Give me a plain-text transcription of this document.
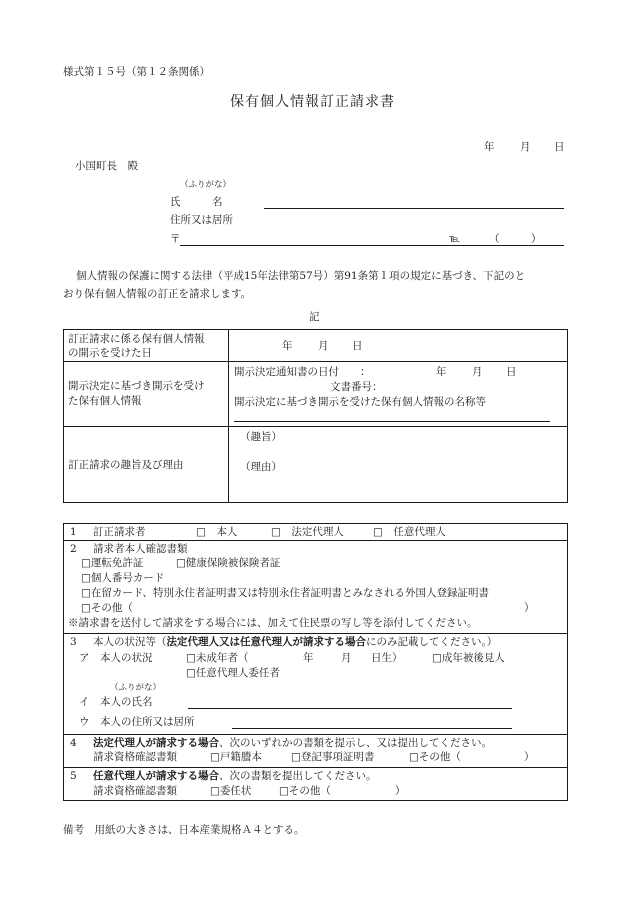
様式第１５号（第１２条関係）
保有個人情報訂正請求書
年 月 日
小国町長　殿
（ふりがな）
氏　　　名
住所又は居所
〒	℡	（	）
個人情報の保護に関する法律（平成15年法律第57号）第91条第１項の規定に基づき、下記のと
おり保有個人情報の訂正を請求します。
記
訂正請求に係る保有個人情報
の開示を受けた日
年 月 日
開示決定に基づき開示を受け
た保有個人情報
開示決定通知書の日付　　：	年 月 日
文書番号：
開示決定に基づき開示を受けた保有個人情報の名称等
訂正請求の趣旨及び理由
（趣旨）
（理由）
1 訂正請求者	□　本人	□　法定代理人	□　任意代理人
2 請求者本人確認書類
□運転免許証	□健康保険被保険者証
□個人番号カード
□在留カード、特別永住者証明書又は特別永住者証明書とみなされる外国人登録証明書
□その他（	）
※請求書を送付して請求をする場合には、加えて住民票の写し等を添付してください。
3 本人の状況等（法定代理人又は任意代理人が請求する場合にのみ記載してください。）
ア　本人の状況	□未成年者（	年	月 日生）	□成年被後見人
□任意代理人委任者
（ふりがな）
イ　本人の氏名
ウ　本人の住所又は居所
4 法定代理人が請求する場合、次のいずれかの書類を提示し、又は提出してください。
請求資格確認書類	□戸籍謄本	□登記事項証明書	□その他（	）
5 任意代理人が請求する場合、次の書類を提出してください。
請求資格確認書類	□委任状	□その他（	）
備考　用紙の大きさは、日本産業規格Ａ４とする。
